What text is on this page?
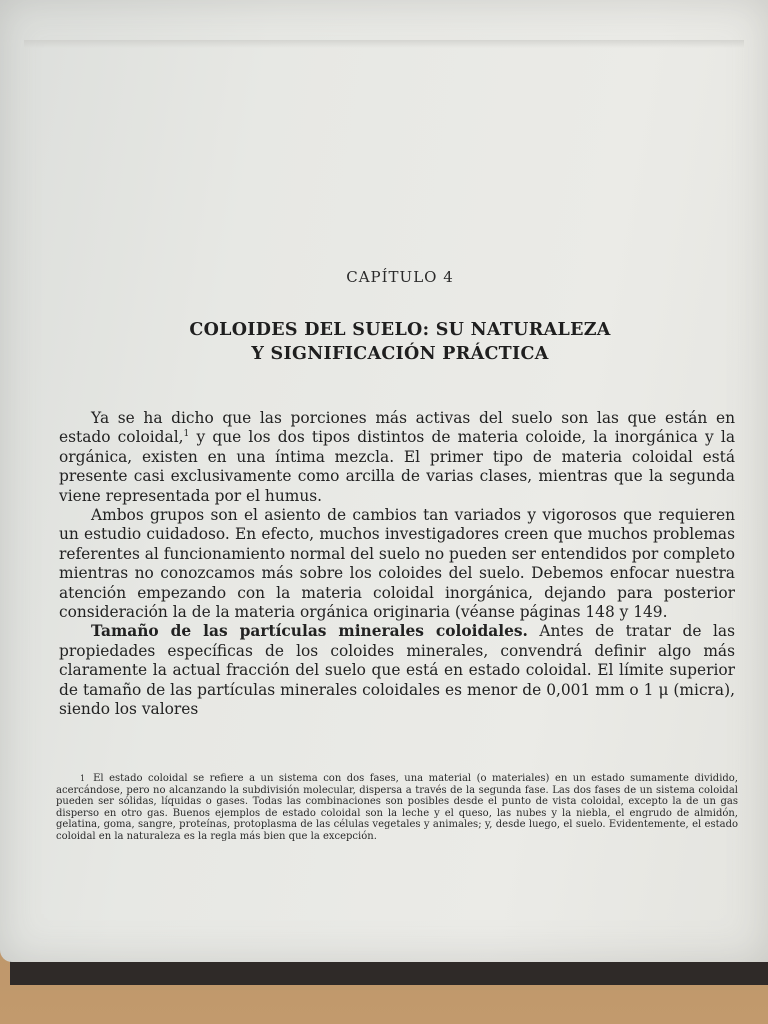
CAPÍTULO 4
COLOIDES DEL SUELO: SU NATURALEZA
Y SIGNIFICACIÓN PRÁCTICA

Ya se ha dicho que las porciones más activas del suelo son las que están en estado coloidal,$^1$ y que los dos tipos distintos de materia coloide, la inorgánica y la orgánica, existen en una íntima mezcla. El primer tipo de materia coloidal está presente casi exclusivamente como arcilla de varias clases, mientras que la segunda viene representada por el humus.

Ambos grupos son el asiento de cambios tan variados y vigorosos que requieren un estudio cuidadoso. En efecto, muchos investigadores creen que muchos problemas referentes al funcionamiento normal del suelo no pueden ser entendidos por completo mientras no conozcamos más sobre los coloides del suelo. Debemos enfocar nuestra atención empezando con la materia coloidal inorgánica, dejando para posterior consideración la de la materia orgánica originaria (véanse páginas 148 y 149.

Tamaño de las partículas minerales coloidales. Antes de tratar de las propiedades específicas de los coloides minerales, convendrá definir algo más claramente la actual fracción del suelo que está en estado coloidal. El límite superior de tamaño de las partículas minerales coloidales es menor de 0,001 mm o 1 μ (micra), siendo los valores

$^1$ El estado coloidal se refiere a un sistema con dos fases, una material (o materiales) en un estado sumamente dividido, acercándose, pero no alcanzando la subdivisión molecular, dispersa a través de la segunda fase. Las dos fases de un sistema coloidal pueden ser sólidas, líquidas o gases. Todas las combinaciones son posibles desde el punto de vista coloidal, excepto la de un gas disperso en otro gas. Buenos ejemplos de estado coloidal son la leche y el queso, las nubes y la niebla, el engrudo de almidón, gelatina, goma, sangre, proteínas, protoplasma de las células vegetales y animales; y, desde luego, el suelo. Evidentemente, el estado coloidal en la naturaleza es la regla más bien que la excepción.
